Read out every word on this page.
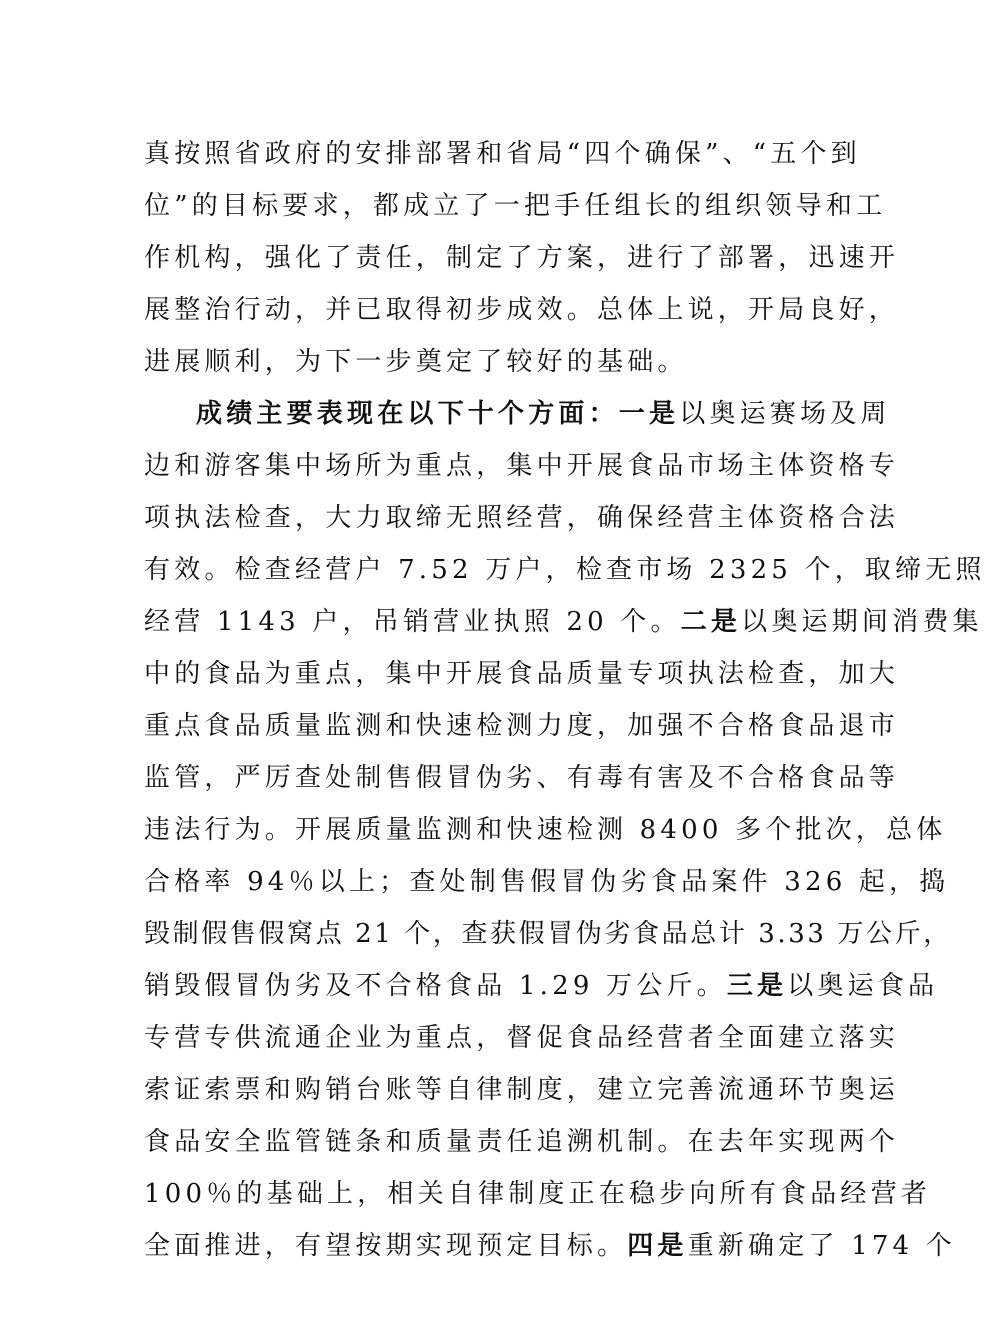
真按照省政府的安排部署和省局“四个确保”、“五个到
位”的目标要求，都成立了一把手任组长的组织领导和工
作机构，强化了责任，制定了方案，进行了部署，迅速开
展整治行动，并已取得初步成效。总体上说，开局良好，
进展顺利，为下一步奠定了较好的基础。
成绩主要表现在以下十个方面：一是以奥运赛场及周
边和游客集中场所为重点，集中开展食品市场主体资格专
项执法检查，大力取缔无照经营，确保经营主体资格合法
有效。检查经营户 7.52 万户，检查市场 2325 个，取缔无照
经营 1143 户，吊销营业执照 20 个。二是以奥运期间消费集
中的食品为重点，集中开展食品质量专项执法检查，加大
重点食品质量监测和快速检测力度，加强不合格食品退市
监管，严厉查处制售假冒伪劣、有毒有害及不合格食品等
违法行为。开展质量监测和快速检测 8400 多个批次，总体
合格率 94％以上；查处制售假冒伪劣食品案件 326 起，捣
毁制假售假窝点 21 个，查获假冒伪劣食品总计 3.33 万公斤，
销毁假冒伪劣及不合格食品 1.29 万公斤。三是以奥运食品
专营专供流通企业为重点，督促食品经营者全面建立落实
索证索票和购销台账等自律制度，建立完善流通环节奥运
食品安全监管链条和质量责任追溯机制。在去年实现两个
100％的基础上，相关自律制度正在稳步向所有食品经营者
全面推进，有望按期实现预定目标。四是重新确定了 174 个
